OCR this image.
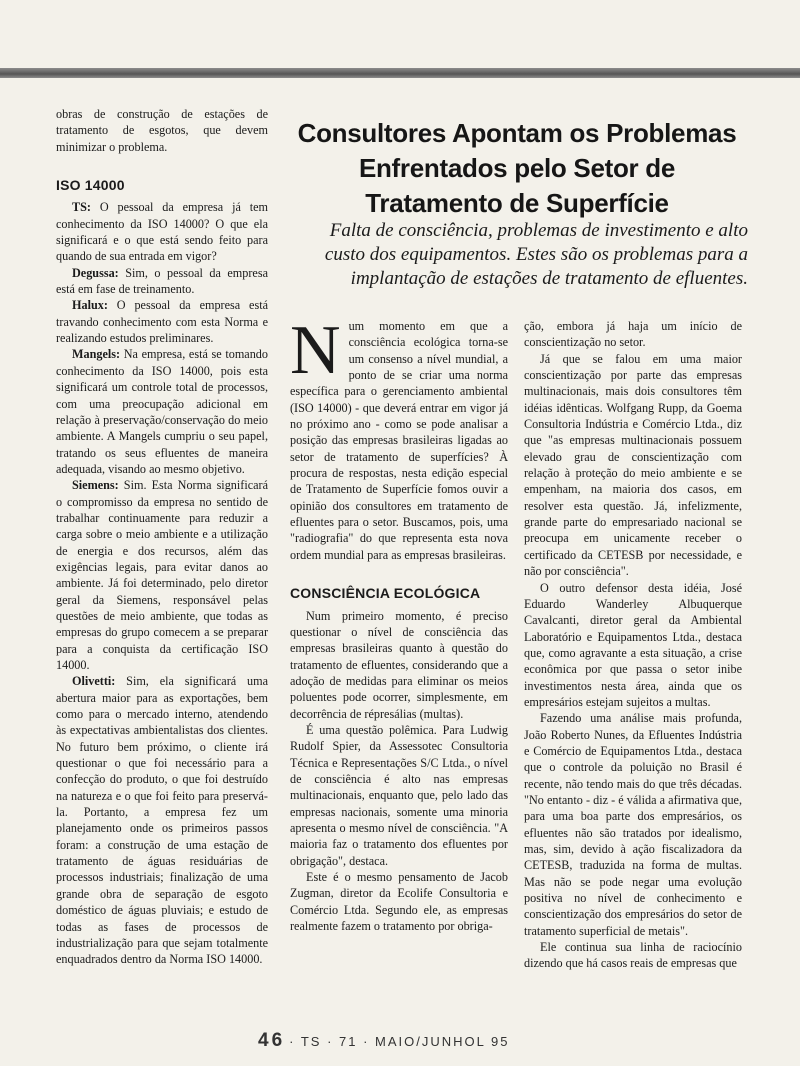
obras de construção de estações de tratamento de esgotos, que devem minimizar o problema.

ISO 14000

TS: O pessoal da empresa já tem conhecimento da ISO 14000? O que ela significará e o que está sendo feito para quando de sua entrada em vigor?

Degussa: Sim, o pessoal da empresa está em fase de treinamento.

Halux: O pessoal da empresa está travando conhecimento com esta Norma e realizando estudos preliminares.

Mangels: Na empresa, está se tomando conhecimento da ISO 14000, pois esta significará um controle total de processos, com uma preocupação adicional em relação à preservação/conservação do meio ambiente. A Mangels cumpriu o seu papel, tratando os seus efluentes de maneira adequada, visando ao mesmo objetivo.

Siemens: Sim. Esta Norma significará o compromisso da empresa no sentido de trabalhar continuamente para reduzir a carga sobre o meio ambiente e a utilização de energia e dos recursos, além das exigências legais, para evitar danos ao ambiente. Já foi determinado, pelo diretor geral da Siemens, responsável pelas questões de meio ambiente, que todas as empresas do grupo comecem a se preparar para a conquista da certificação ISO 14000.

Olivetti: Sim, ela significará uma abertura maior para as exportações, bem como para o mercado interno, atendendo às expectativas ambientalistas dos clientes. No futuro bem próximo, o cliente irá questionar o que foi necessário para a confecção do produto, o que foi destruído na natureza e o que foi feito para preservá-la. Portanto, a empresa fez um planejamento onde os primeiros passos foram: a construção de uma estação de tratamento de águas residuárias de processos industriais; finalização de uma grande obra de separação de esgoto doméstico de águas pluviais; e estudo de todas as fases de processos de industrialização para que sejam totalmente enquadrados dentro da Norma ISO 14000.

Consultores Apontam os Problemas Enfrentados pelo Setor de Tratamento de Superfície

Falta de consciência, problemas de investimento e alto custo dos equipamentos. Estes são os problemas para a implantação de estações de tratamento de efluentes.

Num momento em que a consciência ecológica torna-se um consenso a nível mundial, a ponto de se criar uma norma específica para o gerenciamento ambiental (ISO 14000) - que deverá entrar em vigor já no próximo ano - como se pode analisar a posição das empresas brasileiras ligadas ao setor de tratamento de superfícies? À procura de respostas, nesta edição especial de Tratamento de Superfície fomos ouvir a opinião dos consultores em tratamento de efluentes para o setor. Buscamos, pois, uma "radiografia" do que representa esta nova ordem mundial para as empresas brasileiras.

CONSCIÊNCIA ECOLÓGICA

Num primeiro momento, é preciso questionar o nível de consciência das empresas brasileiras quanto à questão do tratamento de efluentes, considerando que a adoção de medidas para eliminar os meios poluentes pode ocorrer, simplesmente, em decorrência de répresálias (multas).

É uma questão polêmica. Para Ludwig Rudolf Spier, da Assessotec Consultoria Técnica e Representações S/C Ltda., o nível de consciência é alto nas empresas multinacionais, enquanto que, pelo lado das empresas nacionais, somente uma minoria apresenta o mesmo nível de consciência. "A maioria faz o tratamento dos efluentes por obrigação", destaca.

Este é o mesmo pensamento de Jacob Zugman, diretor da Ecolife Consultoria e Comércio Ltda. Segundo ele, as empresas realmente fazem o tratamento por obriga-

ção, embora já haja um início de conscientização no setor.

Já que se falou em uma maior conscientização por parte das empresas multinacionais, mais dois consultores têm idéias idênticas. Wolfgang Rupp, da Goema Consultoria Indústria e Comércio Ltda., diz que "as empresas multinacionais possuem elevado grau de conscientização com relação à proteção do meio ambiente e se empenham, na maioria dos casos, em resolver esta questão. Já, infelizmente, grande parte do empresariado nacional se preocupa em unicamente receber o certificado da CETESB por necessidade, e não por consciência".

O outro defensor desta idéia, José Eduardo Wanderley Albuquerque Cavalcanti, diretor geral da Ambiental Laboratório e Equipamentos Ltda., destaca que, como agravante a esta situação, a crise econômica por que passa o setor inibe investimentos nesta área, ainda que os empresários estejam sujeitos a multas.

Fazendo uma análise mais profunda, João Roberto Nunes, da Efluentes Indústria e Comércio de Equipamentos Ltda., destaca que o controle da poluição no Brasil é recente, não tendo mais do que três décadas. "No entanto - diz - é válida a afirmativa que, para uma boa parte dos empresários, os efluentes não são tratados por idealismo, mas, sim, devido à ação fiscalizadora da CETESB, traduzida na forma de multas. Mas não se pode negar uma evolução positiva no nível de conhecimento e conscientização dos empresários do setor de tratamento superficial de metais".

Ele continua sua linha de raciocínio dizendo que há casos reais de empresas que

46 · TS · 71 · MAIO/JUNHOL 95
